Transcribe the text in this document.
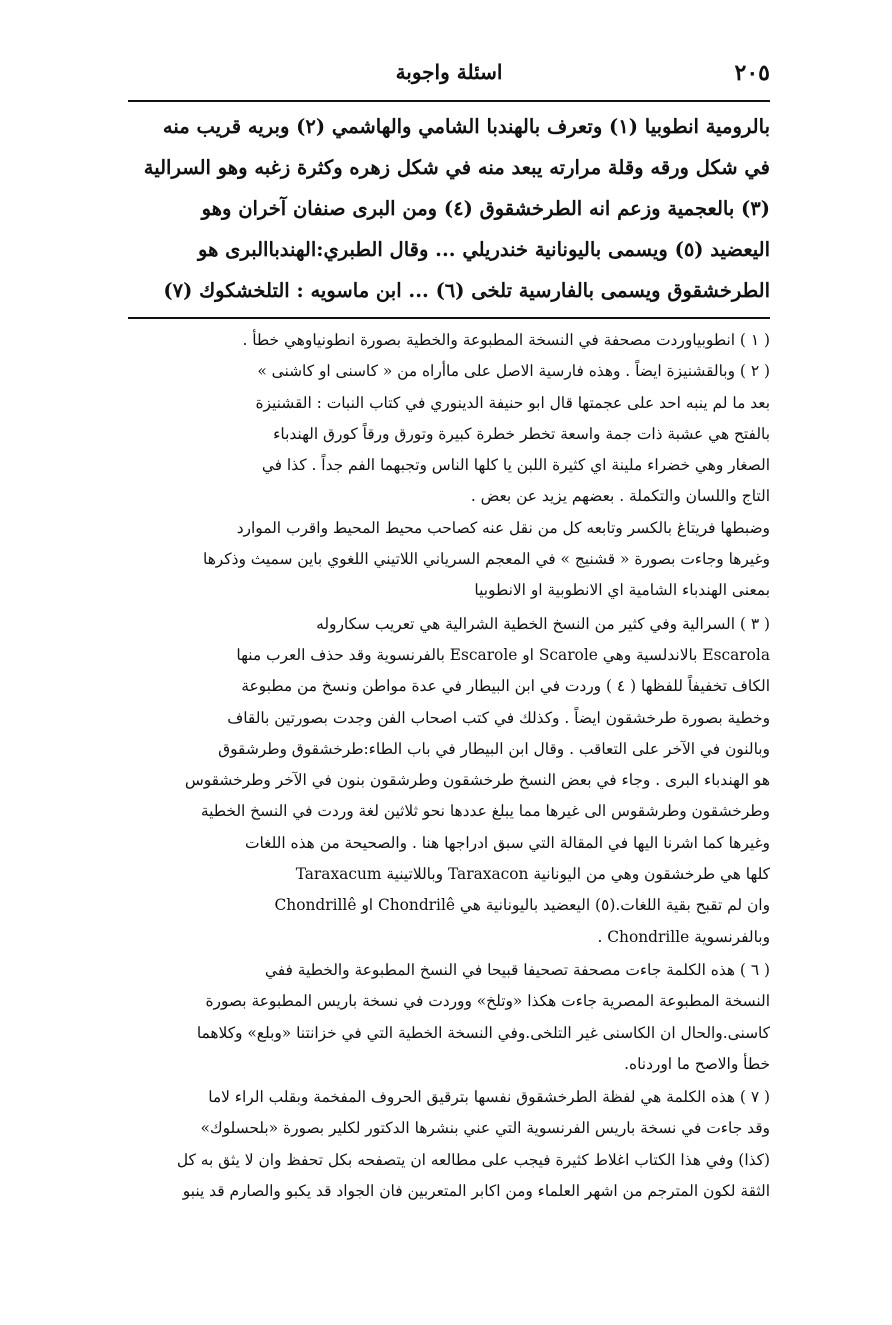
٢٠٥
اسئلة واجوبة
بالرومية انطوبيا (١) وتعرف بالهندبا الشامي والهاشمي (٢) وبريه قريب منه
في شكل ورقه وقلة مرارته يبعد منه في شكل زهره وكثرة زغبه وهو السرالية
(٣) بالعجمية وزعم انه الطرخشقوق (٤) ومن البرى صنفان آخران وهو
اليعضيد (٥) ويسمى باليونانية خندريلي ... وقال الطبري:الهندباالبرى هو
الطرخشقوق ويسمى بالفارسية تلخى (٦) ... ابن ماسويه : التلخشكوك (٧)
( ١ ) انطوبياوردت مصحفة في النسخة المطبوعة والخطية بصورة انطونياوهي خطأ .
( ٢ ) وبالقشنيزة ايضاً . وهذه فارسية الاصل على ماأراه من « كاسنى او كاشنى »
بعد ما لم ينبه احد على عجمتها قال ابو حنيفة الدينوري في كتاب النبات : القشنيزة
بالفتح هي عشبة ذات جمة واسعة تخطر خطرة كبيرة وتورق ورقاً كورق الهندباء
الصغار وهي خضراء ملينة اي كثيرة اللبن يا كلها الناس وتجبهما الفم جداً . كذا في
التاج واللسان والتكملة . بعضهم يزيد عن بعض .
وضبطها فريتاغ بالكسر وتابعه كل من نقل عنه كصاحب محيط المحيط واقرب الموارد
وغيرها وجاءت بصورة « قشنيج » في المعجم السرياني اللاتيني اللغوي باين سميث وذكرها
بمعنى الهندباء الشامية اي الانطوبية او الانطوبيا
( ٣ ) السرالية وفي كثير من النسخ الخطية الشرالية هي تعريب سكاروله
Escarola بالاندلسية وهي Scarole او Escarole بالفرنسوية وقد حذف العرب منها
الكاف تخفيفاً للفظها ( ٤ ) وردت في ابن البيطار في عدة مواطن ونسخ من مطبوعة
وخطية بصورة طرخشقون ايضاً . وكذلك في كتب اصحاب الفن وجدت بصورتين بالقاف
وبالنون في الآخر على التعاقب . وقال ابن البيطار في باب الطاء:طرخشقوق وطرشقوق
هو الهندباء البرى . وجاء في بعض النسخ طرخشقون وطرشقون بنون في الآخر وطرخشقوس
وطرخشقون وطرشقوس الى غيرها مما يبلغ عددها نحو ثلاثين لغة وردت في النسخ الخطية
وغيرها كما اشرنا اليها في المقالة التي سبق ادراجها هنا . والصحيحة من هذه اللغات
كلها هي طرخشقون وهي من اليونانية Taraxacon وباللاتينية Taraxacum
وان لم تقبح بقية اللغات.(٥) اليعضيد باليونانية هي Chondrilê او Chondrillê
وبالفرنسوية Chondrille .
( ٦ ) هذه الكلمة جاءت مصحفة تصحيفا قبيحا في النسخ المطبوعة والخطية ففي
النسخة المطبوعة المصرية جاءت هكذا «وتلخ» ووردت في نسخة باريس المطبوعة بصورة
كاسنى.والحال ان الكاسنى غير التلخى.وفي النسخة الخطية التي في خزانتنا «وبلع» وكلاهما
خطأ والاصح ما اوردناه.
( ٧ ) هذه الكلمة هي لفظة الطرخشقوق نفسها بترقيق الحروف المفخمة وبقلب الراء لاما
وقد جاءت في نسخة باريس الفرنسوية التي عني بنشرها الدكتور لكلير بصورة «بلحسلوك»
(كذا) وفي هذا الكتاب اغلاط كثيرة فيجب على مطالعه ان يتصفحه بكل تحفظ وان لا يثق به كل
الثقة لكون المترجم من اشهر العلماء ومن اكابر المتعربين فان الجواد قد يكبو والصارم قد ينبو
